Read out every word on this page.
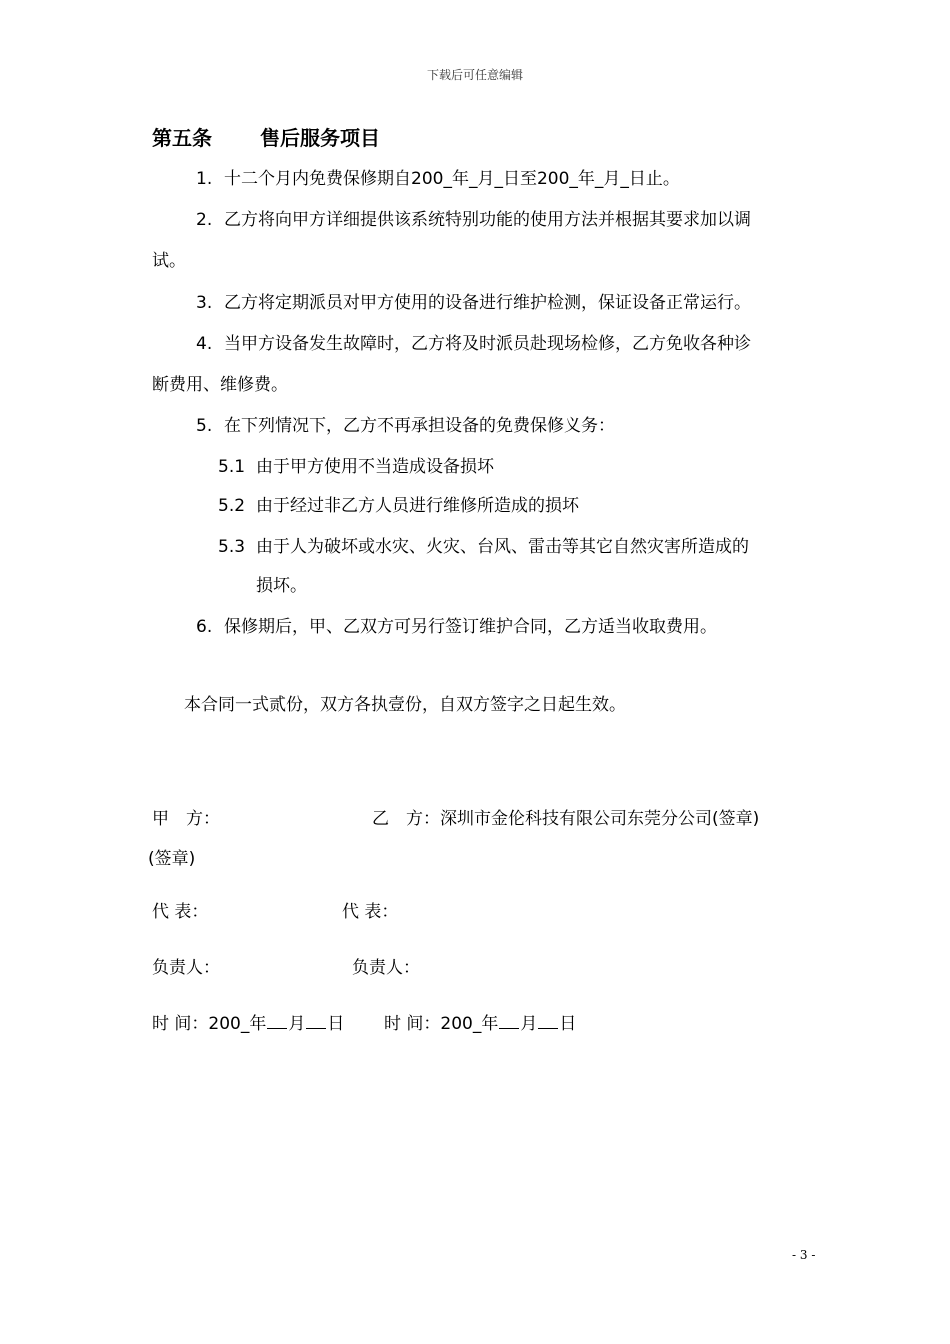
下载后可任意编辑
第五条 售后服务项目
1. 十二个月内免费保修期自200_年_月_日至200_年_月_日止。
2. 乙方将向甲方详细提供该系统特别功能的使用方法并根据其要求加以调
试。
3. 乙方将定期派员对甲方使用的设备进行维护检测，保证设备正常运行。
4. 当甲方设备发生故障时，乙方将及时派员赴现场检修，乙方免收各种诊
断费用、维修费。
5. 在下列情况下，乙方不再承担设备的免费保修义务：
5.1 由于甲方使用不当造成设备损坏
5.2 由于经过非乙方人员进行维修所造成的损坏
5.3 由于人为破坏或水灾、火灾、台风、雷击等其它自然灾害所造成的
损坏。
6. 保修期后，甲、乙双方可另行签订维护合同，乙方适当收取费用。
本合同一式贰份，双方各执壹份，自双方签字之日起生效。
甲　方：	乙　方：深圳市金伦科技有限公司东莞分公司(签章)
(签章)
代 表：	代 表：
负责人：	负责人：
时 间：200_年 月 日 时 间：200_年 月 日
- 3 -
